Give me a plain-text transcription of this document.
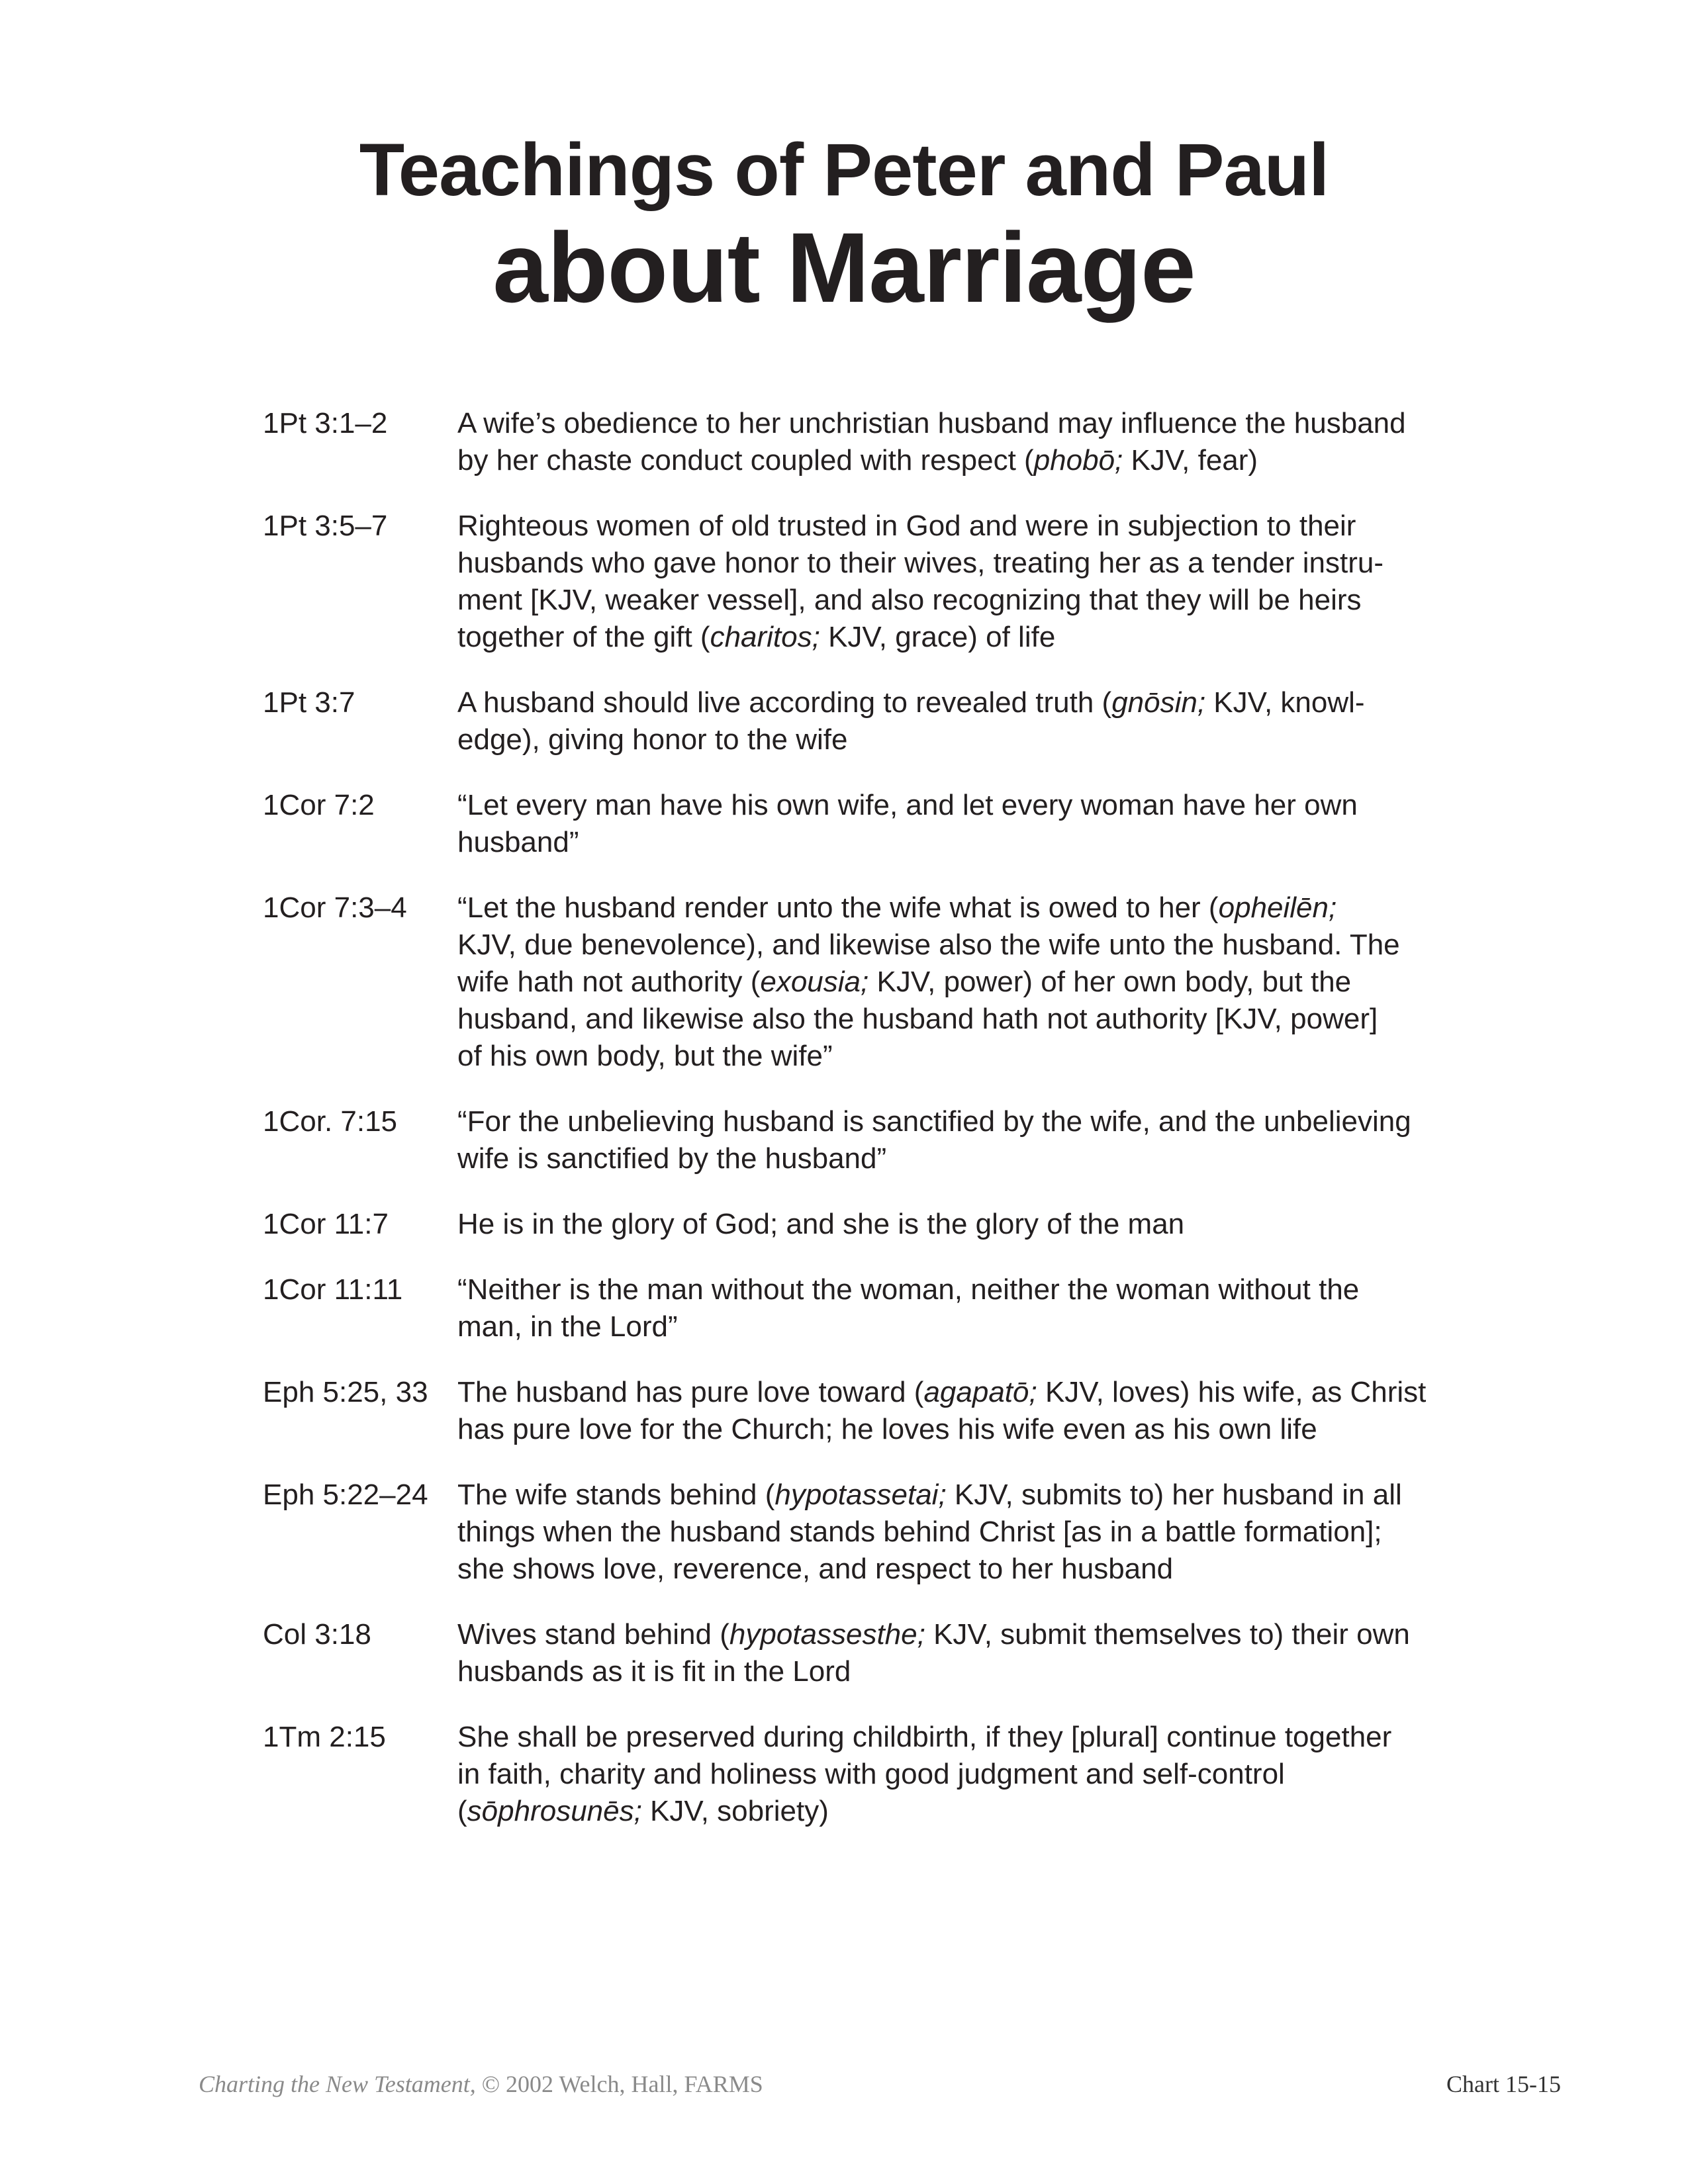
Teachings of Peter and Paul
about Marriage
1Pt 3:1–2	A wife’s obedience to her unchristian husband may influence the husband
by her chaste conduct coupled with respect (phobō; KJV, fear)
1Pt 3:5–7	Righteous women of old trusted in God and were in subjection to their
husbands who gave honor to their wives, treating her as a tender instru-
ment [KJV, weaker vessel], and also recognizing that they will be heirs
together of the gift (charitos; KJV, grace) of life
1Pt 3:7	A husband should live according to revealed truth (gnōsin; KJV, knowl-
edge), giving honor to the wife
1Cor 7:2	“Let every man have his own wife, and let every woman have her own
husband”
1Cor 7:3–4	“Let the husband render unto the wife what is owed to her (opheilēn;
KJV, due benevolence), and likewise also the wife unto the husband. The
wife hath not authority (exousia; KJV, power) of her own body, but the
husband, and likewise also the husband hath not authority [KJV, power]
of his own body, but the wife”
1Cor. 7:15	“For the unbelieving husband is sanctified by the wife, and the unbelieving
wife is sanctified by the husband”
1Cor 11:7	He is in the glory of God; and she is the glory of the man
1Cor 11:11	“Neither is the man without the woman, neither the woman without the
man, in the Lord”
Eph 5:25, 33	The husband has pure love toward (agapatō; KJV, loves) his wife, as Christ
has pure love for the Church; he loves his wife even as his own life
Eph 5:22–24	The wife stands behind (hypotassetai; KJV, submits to) her husband in all
things when the husband stands behind Christ [as in a battle formation];
she shows love, reverence, and respect to her husband
Col 3:18	Wives stand behind (hypotassesthe; KJV, submit themselves to) their own
husbands as it is fit in the Lord
1Tm 2:15	She shall be preserved during childbirth, if they [plural] continue together
in faith, charity and holiness with good judgment and self-control
(sōphrosunēs; KJV, sobriety)
Charting the New Testament, © 2002 Welch, Hall, FARMS	Chart 15-15
